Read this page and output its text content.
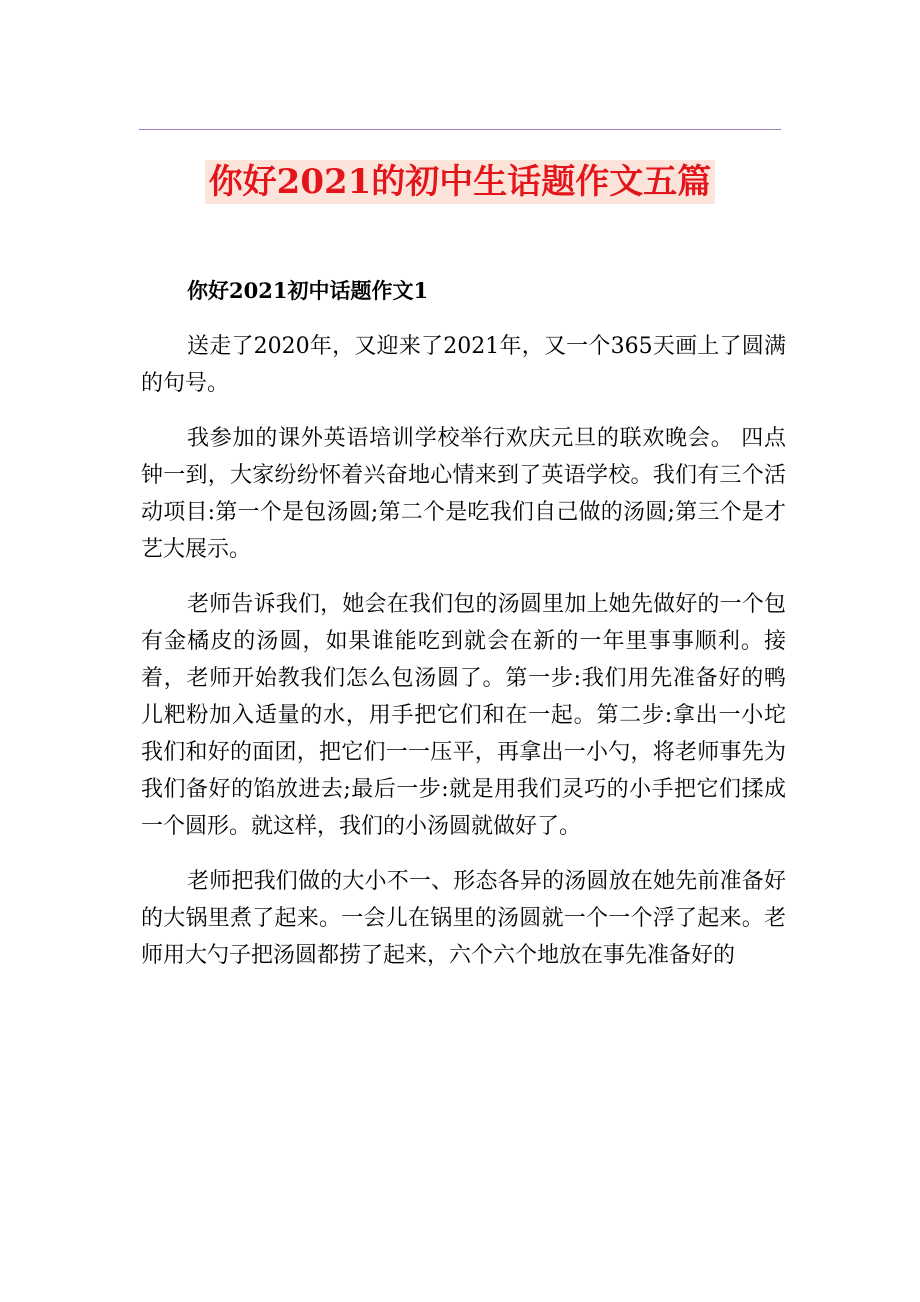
你好2021的初中生话题作文五篇
你好2021初中话题作文1

送走了2020年，又迎来了2021年，又一个365天画上了圆满的句号。

我参加的课外英语培训学校举行欢庆元旦的联欢晚会。 四点钟一到，大家纷纷怀着兴奋地心情来到了英语学校。我们有三个活动项目:第一个是包汤圆;第二个是吃我们自己做的汤圆;第三个是才艺大展示。

老师告诉我们，她会在我们包的汤圆里加上她先做好的一个包有金橘皮的汤圆，如果谁能吃到就会在新的一年里事事顺利。接着，老师开始教我们怎么包汤圆了。第一步:我们用先准备好的鸭儿粑粉加入适量的水，用手把它们和在一起。第二步:拿出一小坨我们和好的面团，把它们一一压平，再拿出一小勺，将老师事先为我们备好的馅放进去;最后一步:就是用我们灵巧的小手把它们揉成一个圆形。就这样，我们的小汤圆就做好了。

老师把我们做的大小不一、形态各异的汤圆放在她先前准备好的大锅里煮了起来。一会儿在锅里的汤圆就一个一个浮了起来。老师用大勺子把汤圆都捞了起来，六个六个地放在事先准备好的
